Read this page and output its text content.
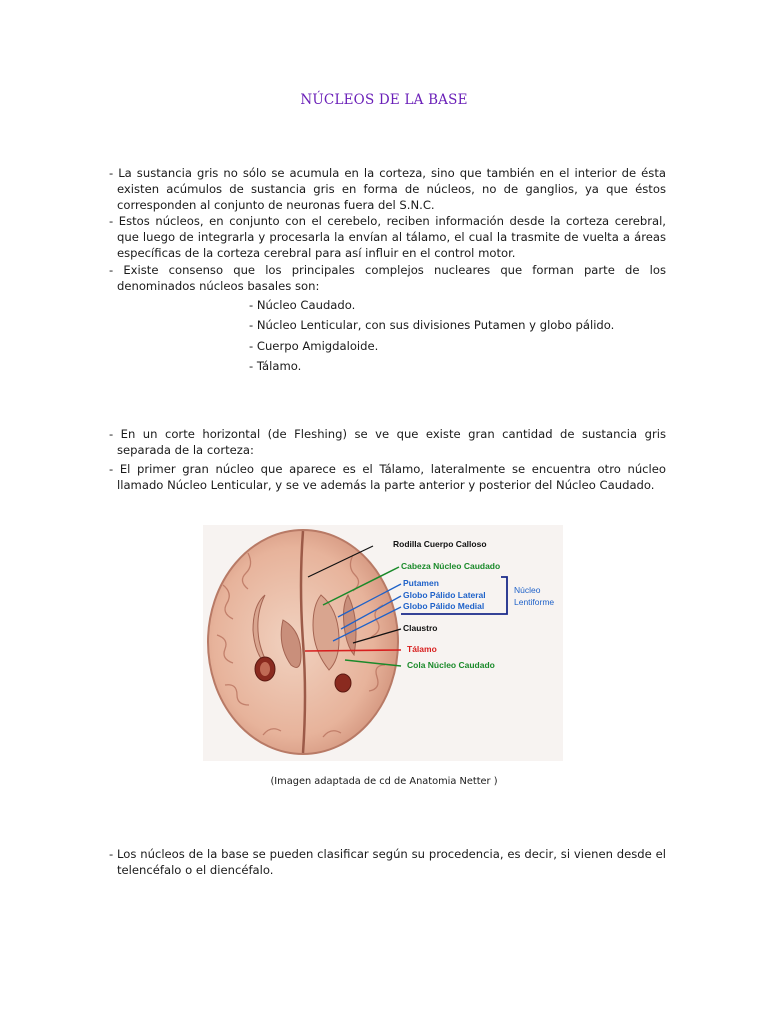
NÚCLEOS DE LA BASE
- La sustancia gris no sólo se acumula en la corteza, sino que también en el interior de ésta existen acúmulos de sustancia gris en forma de núcleos, no de ganglios, ya que éstos corresponden al conjunto de neuronas fuera del S.N.C.
- Estos núcleos, en conjunto con el cerebelo, reciben información desde la corteza cerebral, que luego de integrarla y procesarla la envían al tálamo, el cual la trasmite de vuelta a áreas específicas de la corteza cerebral para así influir en el control motor.
- Existe consenso que los principales complejos nucleares que forman parte de los denominados núcleos basales son:
- Núcleo Caudado.
- Núcleo Lenticular, con sus divisiones Putamen y globo pálido.
- Cuerpo Amigdaloide.
- Tálamo.
- En un corte horizontal (de Fleshing) se ve que existe gran cantidad de sustancia gris separada de la corteza:
- El primer gran núcleo que aparece es el Tálamo, lateralmente se encuentra otro núcleo llamado Núcleo Lenticular, y se ve además la parte anterior y posterior del Núcleo Caudado.
Rodilla Cuerpo Calloso
Cabeza Núcleo Caudado
Putamen
Globo Pálido Lateral
Globo Pálido Medial
Claustro
Tálamo
Cola Núcleo Caudado
Núcleo
Lentiforme
(Imagen adaptada de cd de Anatomia Netter )
- Los núcleos de la base se pueden clasificar según su procedencia, es decir, si vienen desde el telencéfalo o el diencéfalo.
